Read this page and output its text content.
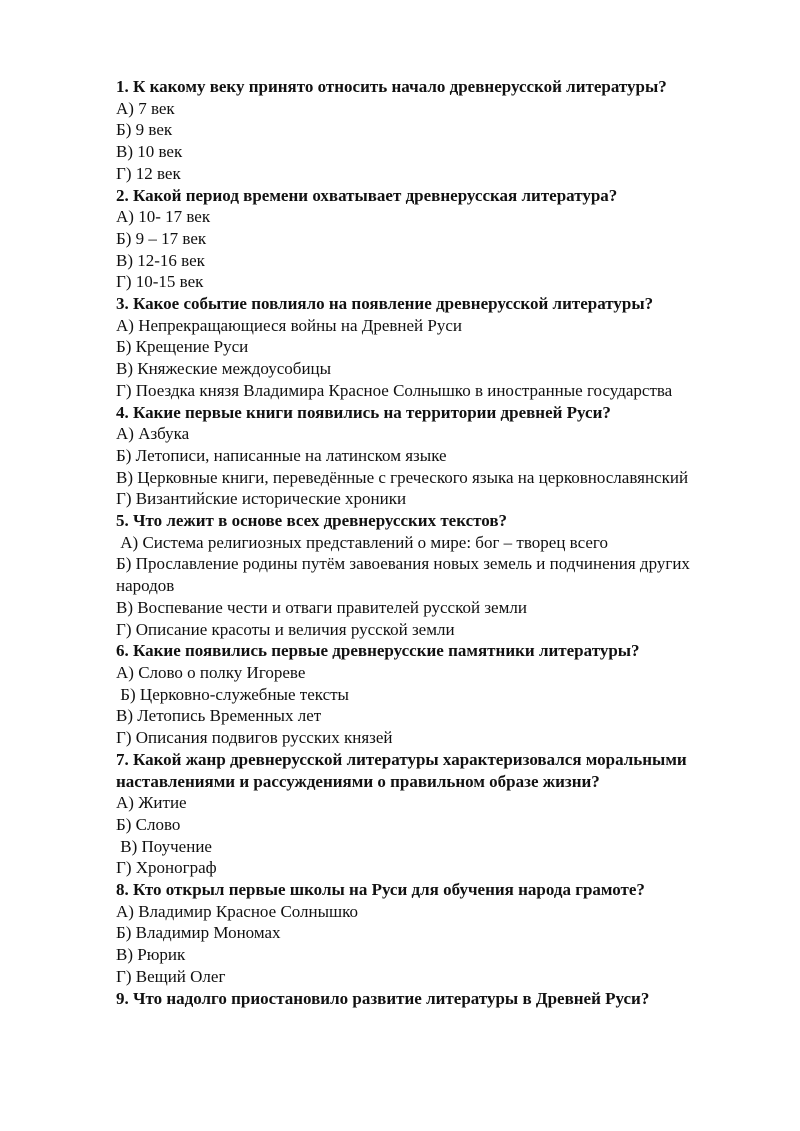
1. К какому веку принято относить начало древнерусской литературы?

А) 7 век

Б) 9 век

В) 10 век

Г) 12 век

2. Какой период времени охватывает древнерусская литература?

А) 10- 17 век

Б) 9 – 17 век

В) 12-16 век

Г) 10-15 век

3. Какое событие повлияло на появление древнерусской литературы?

А) Непрекращающиеся войны на Древней Руси

Б) Крещение Руси

В) Княжеские междоусобицы

Г) Поездка князя Владимира Красное Солнышко в иностранные государства

4. Какие первые книги появились на территории древней Руси?

А) Азбука

Б) Летописи, написанные на латинском языке

В) Церковные книги, переведённые с греческого языка на церковнославянский

Г) Византийские исторические хроники

5. Что лежит в основе всех древнерусских текстов?

А) Система религиозных представлений о мире: бог – творец всего

Б) Прославление родины путём завоевания новых земель и подчинения других народов

В) Воспевание чести и отваги правителей русской земли

Г) Описание красоты и величия русской земли

6. Какие появились первые древнерусские памятники литературы?

А) Слово о полку Игореве

Б) Церковно-служебные тексты

В) Летопись Временных лет

Г) Описания подвигов русских князей

7. Какой жанр древнерусской литературы характеризовался моральными наставлениями и рассуждениями о правильном образе жизни?

А) Житие

Б) Слово

В) Поучение

Г) Хронограф

8. Кто открыл первые школы на Руси для обучения народа грамоте?

А) Владимир Красное Солнышко

Б) Владимир Мономах

В) Рюрик

Г) Вещий Олег

9. Что надолго приостановило развитие литературы в Древней Руси?
